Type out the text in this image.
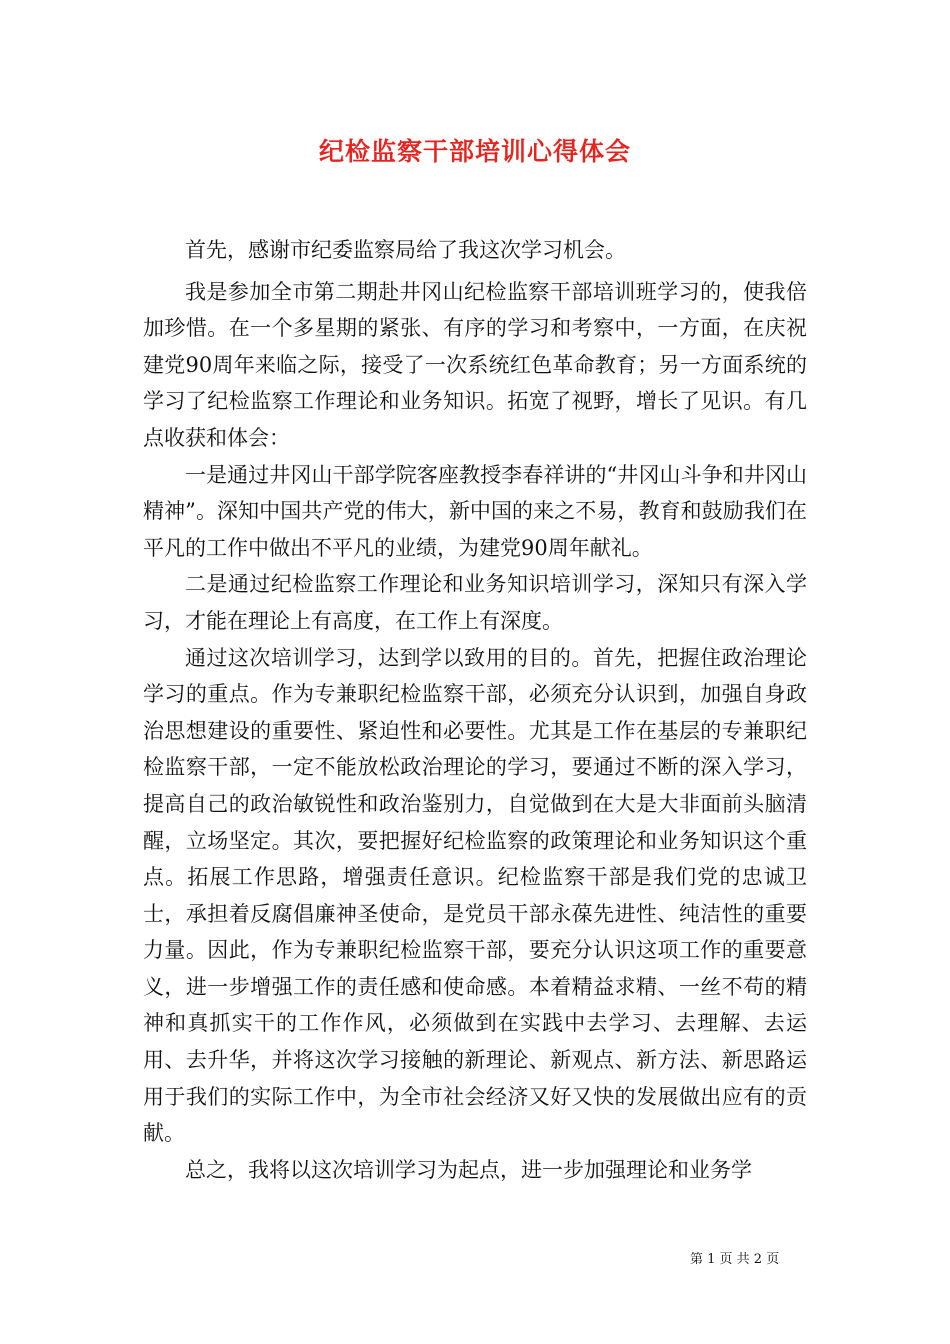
纪检监察干部培训心得体会

首先，感谢市纪委监察局给了我这次学习机会。

我是参加全市第二期赴井冈山纪检监察干部培训班学习的，使我倍加珍惜。在一个多星期的紧张、有序的学习和考察中，一方面，在庆祝建党90周年来临之际，接受了一次系统红色革命教育；另一方面系统的学习了纪检监察工作理论和业务知识。拓宽了视野，增长了见识。有几点收获和体会：

一是通过井冈山干部学院客座教授李春祥讲的“井冈山斗争和井冈山精神”。深知中国共产党的伟大，新中国的来之不易，教育和鼓励我们在平凡的工作中做出不平凡的业绩，为建党90周年献礼。

二是通过纪检监察工作理论和业务知识培训学习，深知只有深入学习，才能在理论上有高度，在工作上有深度。

通过这次培训学习，达到学以致用的目的。首先，把握住政治理论学习的重点。作为专兼职纪检监察干部，必须充分认识到，加强自身政治思想建设的重要性、紧迫性和必要性。尤其是工作在基层的专兼职纪检监察干部，一定不能放松政治理论的学习，要通过不断的深入学习，提高自己的政治敏锐性和政治鉴别力，自觉做到在大是大非面前头脑清醒，立场坚定。其次，要把握好纪检监察的政策理论和业务知识这个重点。拓展工作思路，增强责任意识。纪检监察干部是我们党的忠诚卫士，承担着反腐倡廉神圣使命，是党员干部永葆先进性、纯洁性的重要力量。因此，作为专兼职纪检监察干部，要充分认识这项工作的重要意义，进一步增强工作的责任感和使命感。本着精益求精、一丝不苟的精神和真抓实干的工作作风，必须做到在实践中去学习、去理解、去运用、去升华，并将这次学习接触的新理论、新观点、新方法、新思路运用于我们的实际工作中，为全市社会经济又好又快的发展做出应有的贡献。

总之，我将以这次培训学习为起点，进一步加强理论和业务学

第 1 页 共 2 页
